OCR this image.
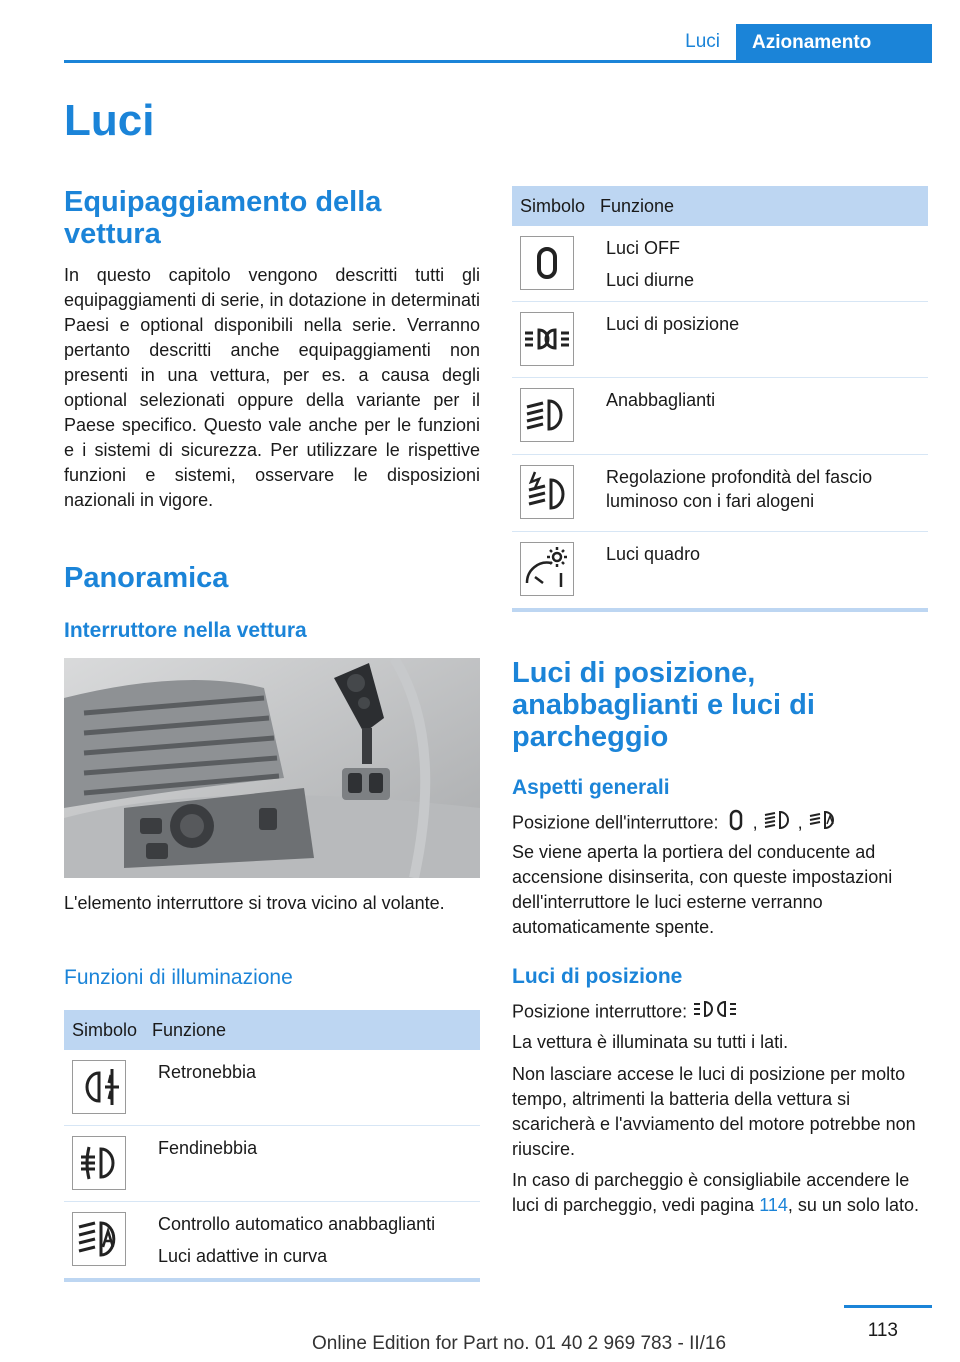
Luci	Azionamento
Luci
Equipaggiamento della vettura

In questo capitolo vengono descritti tutti gli equipaggiamenti di serie, in dotazione in determinati Paesi e optional disponibili nella serie. Verranno pertanto descritti anche equipaggiamenti non presenti in una vettura, per es. a causa degli optional selezionati oppure della variante per il Paese specifico. Questo vale anche per le funzioni e i sistemi di sicurezza. Per utilizzare le rispettive funzioni e sistemi, osservare le disposizioni nazionali in vigore.

Panoramica
Interruttore nella vettura

L'elemento interruttore si trova vicino al volante.

Funzioni di illuminazione
Simbolo Funzione
Retronebbia
Fendinebbia
Controllo automatico anabbaglianti
Luci adattive in curva
Simbolo Funzione
Luci OFF
Luci diurne
Luci di posizione
Anabbaglianti
Regolazione profondità del fascio luminoso con i fari alogeni
Luci quadro
Luci di posizione, anabbaglianti e luci di parcheggio
Aspetti generali
Posizione dell'interruttore: , ,

Se viene aperta la portiera del conducente ad accensione disinserita, con queste impostazioni dell'interruttore le luci esterne verranno automaticamente spente.

Luci di posizione
Posizione interruttore:

La vettura è illuminata su tutti i lati.

Non lasciare accese le luci di posizione per molto tempo, altrimenti la batteria della vettura si scaricherà e l'avviamento del motore potrebbe non riuscire.

In caso di parcheggio è consigliabile accendere le luci di parcheggio, vedi pagina 114, su un solo lato.

113
Online Edition for Part no. 01 40 2 969 783 - II/16
